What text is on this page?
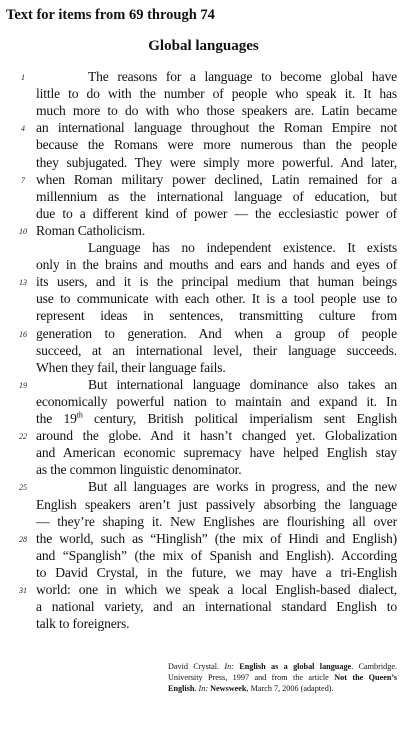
Text for items from 69 through 74
Global languages
The reasons for a language to become global have
little to do with the number of people who speak it. It has
much more to do with who those speakers are. Latin became
an international language throughout the Roman Empire not
because the Romans were more numerous than the people
they subjugated. They were simply more powerful. And later,
when Roman military power declined, Latin remained for a
millennium as the international language of education, but
due to a different kind of power — the ecclesiastic power of
Roman Catholicism.
Language has no independent existence. It exists
only in the brains and mouths and ears and hands and eyes of
its users, and it is the principal medium that human beings
use to communicate with each other. It is a tool people use to
represent ideas in sentences, transmitting culture from
generation to generation. And when a group of people
succeed, at an international level, their language succeeds.
When they fail, their language fails.
But international language dominance also takes an
economically powerful nation to maintain and expand it. In
the 19th century, British political imperialism sent English
around the globe. And it hasn’t changed yet. Globalization
and American economic supremacy have helped English stay
as the common linguistic denominator.
But all languages are works in progress, and the new
English speakers aren’t just passively absorbing the language
— they’re shaping it. New Englishes are flourishing all over
the world, such as “Hinglish” (the mix of Hindi and English)
and “Spanglish” (the mix of Spanish and English). According
to David Crystal, in the future, we may have a tri-English
world: one in which we speak a local English-based dialect,
a national variety, and an international standard English to
talk to foreigners.
1
4
7
10
13
16
19
22
25
28
31
David Crystal. In: English as a global language. Cambridge. University Press, 1997 and from the article Not the Queen’s English. In: Newsweek, March 7, 2006 (adapted).
